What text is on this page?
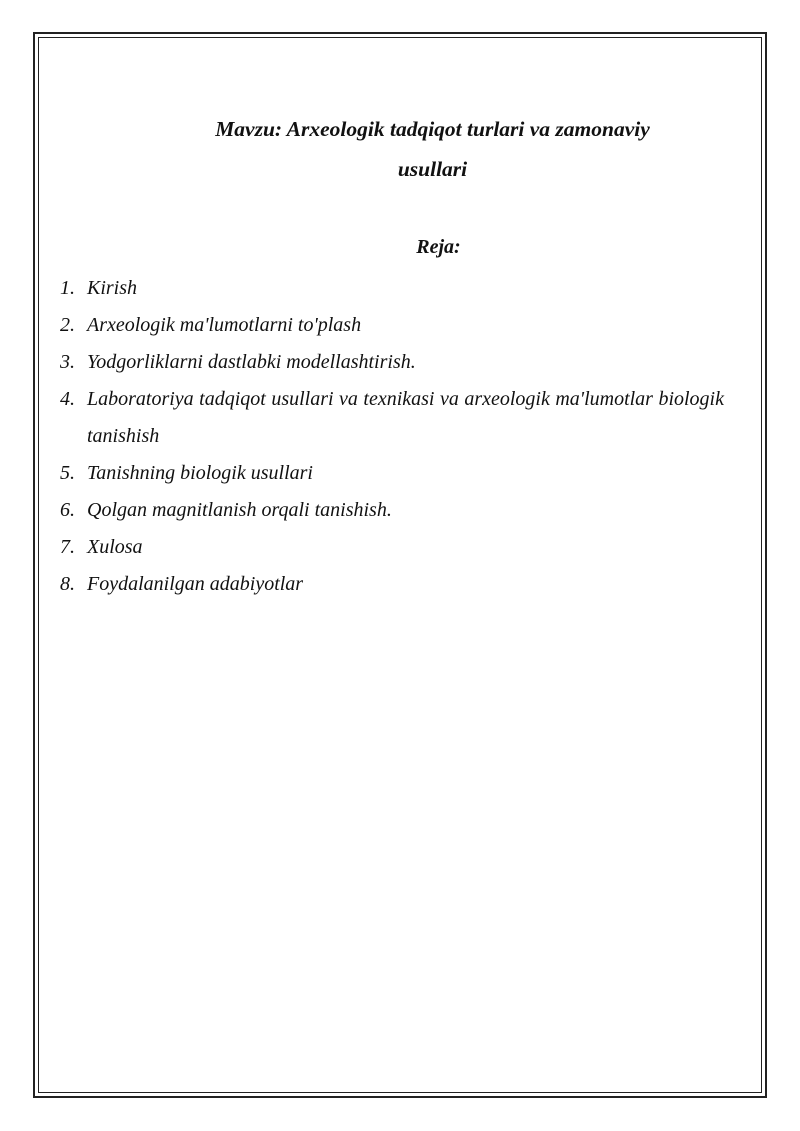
Mavzu: Arxeologik tadqiqot turlari va zamonaviy
usullari
Reja:
1. Kirish
2. Arxeologik ma'lumotlarni to'plash
3. Yodgorliklarni dastlabki modellashtirish.
4. Laboratoriya tadqiqot usullari va texnikasi va arxeologik ma'lumotlar biologik tanishish
5. Tanishning biologik usullari
6. Qolgan magnitlanish orqali tanishish.
7. Xulosa
8. Foydalanilgan adabiyotlar
